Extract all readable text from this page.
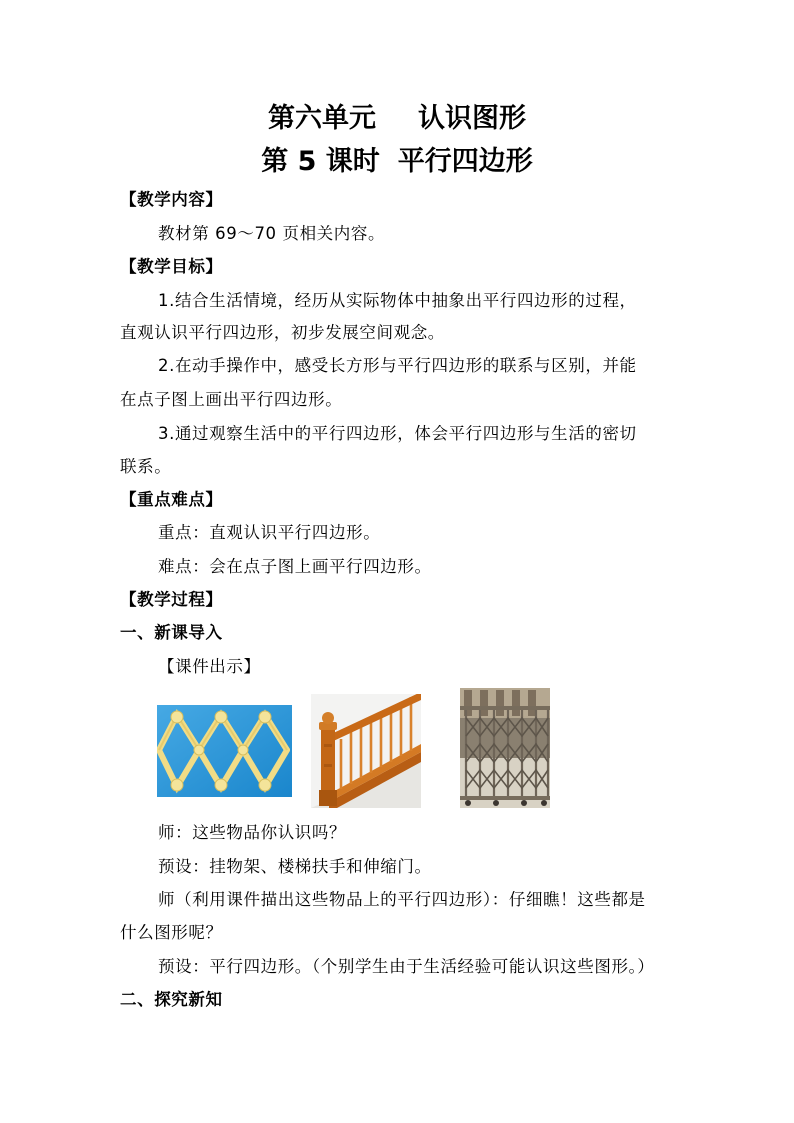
第六单元 认识图形
第 5 课时 平行四边形
【教学内容】
教材第 69～70 页相关内容。
【教学目标】
1.结合生活情境，经历从实际物体中抽象出平行四边形的过程，
直观认识平行四边形，初步发展空间观念。
2.在动手操作中，感受长方形与平行四边形的联系与区别，并能
在点子图上画出平行四边形。
3.通过观察生活中的平行四边形，体会平行四边形与生活的密切
联系。
【重点难点】
重点：直观认识平行四边形。
难点：会在点子图上画平行四边形。
【教学过程】
一、新课导入
【课件出示】
师：这些物品你认识吗？
预设：挂物架、楼梯扶手和伸缩门。
师（利用课件描出这些物品上的平行四边形）：仔细瞧！这些都是
什么图形呢？
预设：平行四边形。（个别学生由于生活经验可能认识这些图形。）
二、探究新知
